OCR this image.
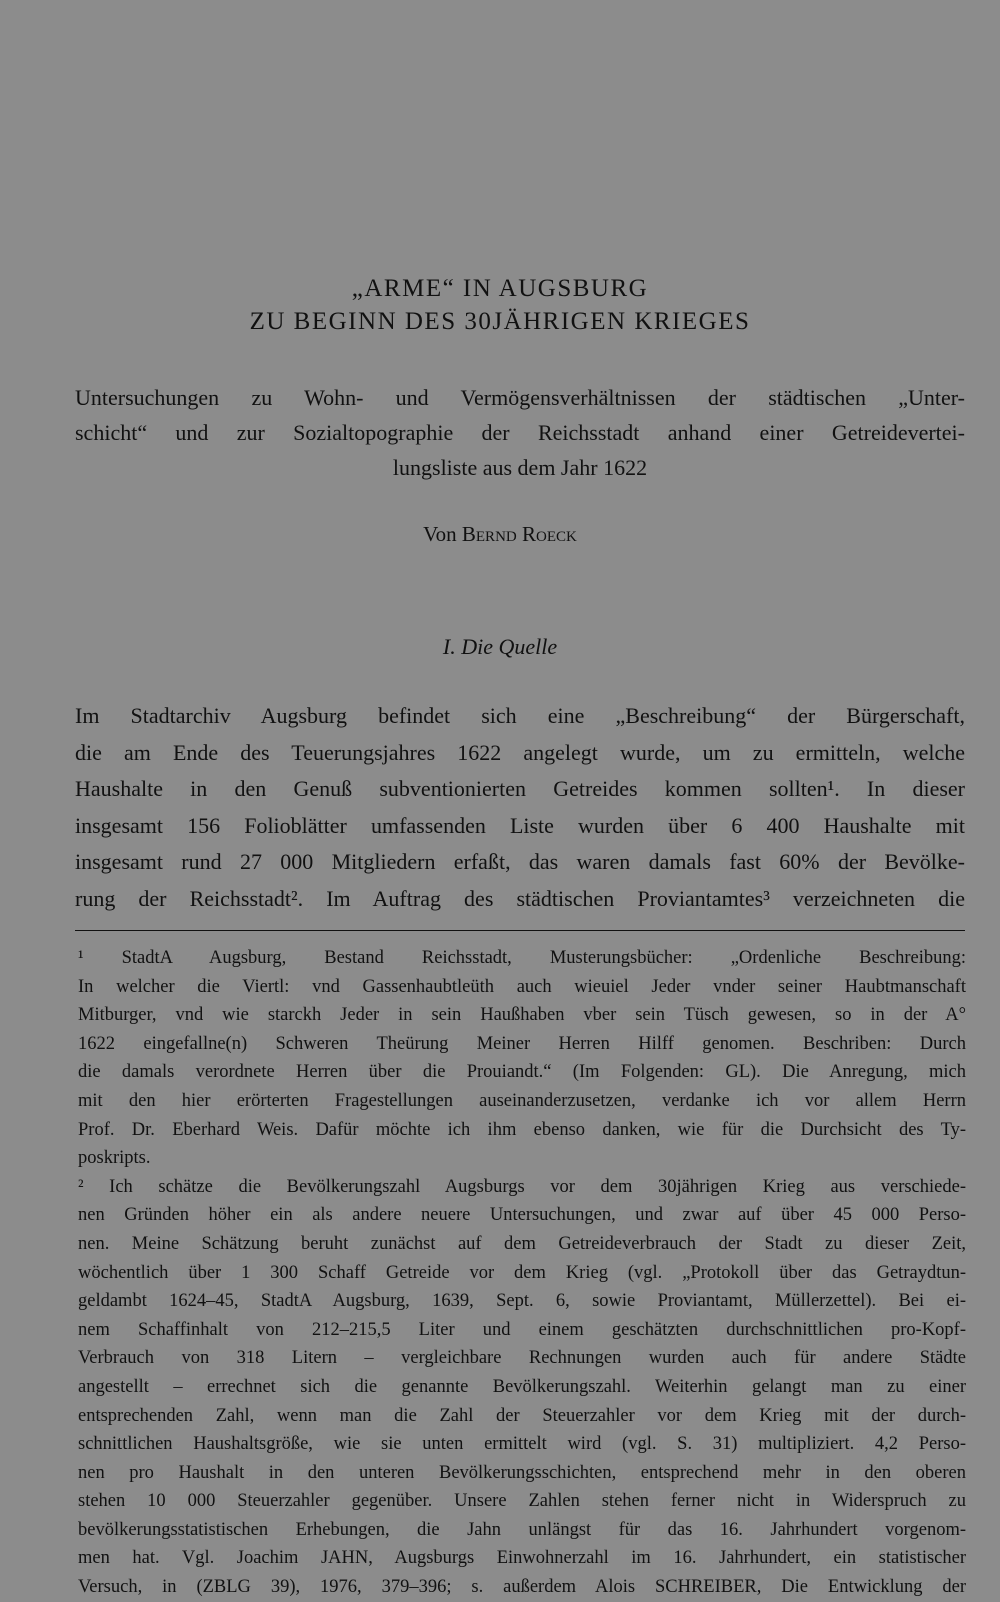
„ARME“ IN AUGSBURG
ZU BEGINN DES 30JÄHRIGEN KRIEGES
Untersuchungen zu Wohn- und Vermögensverhältnissen der städtischen „Unter-
schicht“ und zur Sozialtopographie der Reichsstadt anhand einer Getreidevertei-
lungsliste aus dem Jahr 1622
Von Bernd Roeck
I. Die Quelle
Im Stadtarchiv Augsburg befindet sich eine „Beschreibung“ der Bürgerschaft,
die am Ende des Teuerungsjahres 1622 angelegt wurde, um zu ermitteln, welche
Haushalte in den Genuß subventionierten Getreides kommen sollten¹. In dieser
insgesamt 156 Folioblätter umfassenden Liste wurden über 6 400 Haushalte mit
insgesamt rund 27 000 Mitgliedern erfaßt, das waren damals fast 60% der Bevölke-
rung der Reichsstadt². Im Auftrag des städtischen Proviantamtes³ verzeichneten die
¹ StadtA Augsburg, Bestand Reichsstadt, Musterungsbücher: „Ordenliche Beschreibung:
In welcher die Viertl: vnd Gassenhaubtleüth auch wieuiel Jeder vnder seiner Haubtmanschaft
Mitburger, vnd wie starckh Jeder in sein Haußhaben vber sein Tüsch gewesen, so in der A°
1622 eingefallne(n) Schweren Theürung Meiner Herren Hilff genomen. Beschriben: Durch
die damals verordnete Herren über die Prouiandt.“ (Im Folgenden: GL). Die Anregung, mich
mit den hier erörterten Fragestellungen auseinanderzusetzen, verdanke ich vor allem Herrn
Prof. Dr. Eberhard Weis. Dafür möchte ich ihm ebenso danken, wie für die Durchsicht des Ty-
poskripts.
² Ich schätze die Bevölkerungszahl Augsburgs vor dem 30jährigen Krieg aus verschiede-
nen Gründen höher ein als andere neuere Untersuchungen, und zwar auf über 45 000 Perso-
nen. Meine Schätzung beruht zunächst auf dem Getreideverbrauch der Stadt zu dieser Zeit,
wöchentlich über 1 300 Schaff Getreide vor dem Krieg (vgl. „Protokoll über das Getraydtun-
geldambt 1624–45, StadtA Augsburg, 1639, Sept. 6, sowie Proviantamt, Müllerzettel). Bei ei-
nem Schaffinhalt von 212–215,5 Liter und einem geschätzten durchschnittlichen pro-Kopf-
Verbrauch von 318 Litern – vergleichbare Rechnungen wurden auch für andere Städte
angestellt – errechnet sich die genannte Bevölkerungszahl. Weiterhin gelangt man zu einer
entsprechenden Zahl, wenn man die Zahl der Steuerzahler vor dem Krieg mit der durch-
schnittlichen Haushaltsgröße, wie sie unten ermittelt wird (vgl. S. 31) multipliziert. 4,2 Perso-
nen pro Haushalt in den unteren Bevölkerungsschichten, entsprechend mehr in den oberen
stehen 10 000 Steuerzahler gegenüber. Unsere Zahlen stehen ferner nicht in Widerspruch zu
bevölkerungsstatistischen Erhebungen, die Jahn unlängst für das 16. Jahrhundert vorgenom-
men hat. Vgl. Joachim JAHN, Augsburgs Einwohnerzahl im 16. Jahrhundert, ein statistischer
Versuch, in (ZBLG 39), 1976, 379–396; s. außerdem Alois SCHREIBER, Die Entwicklung der
